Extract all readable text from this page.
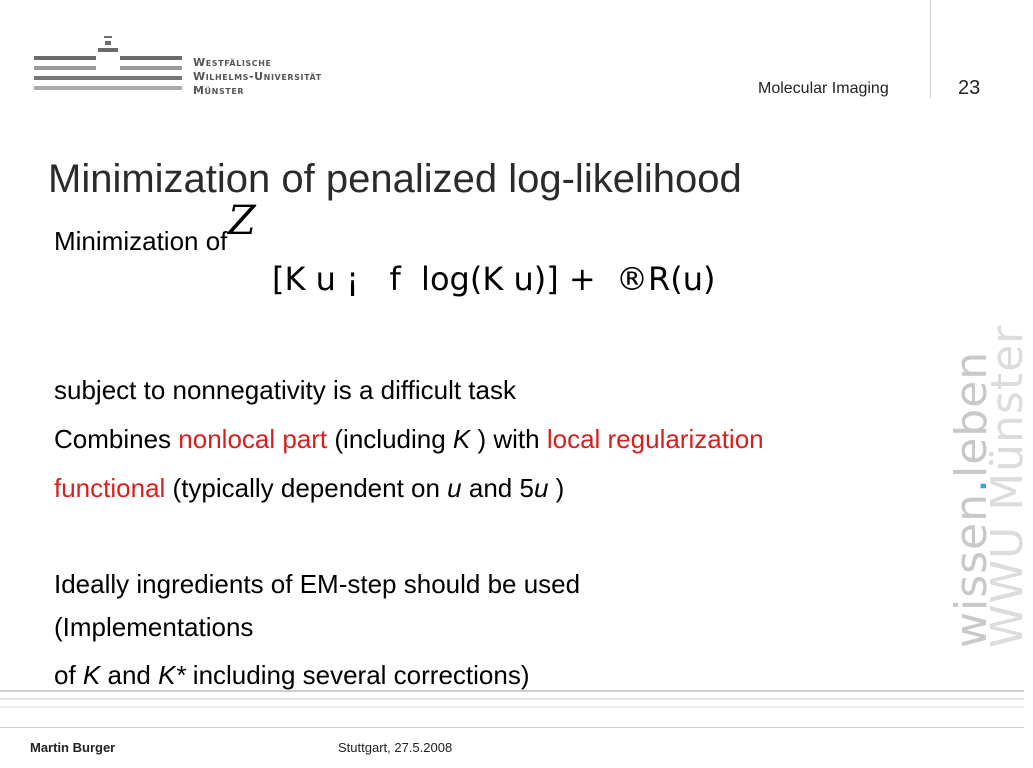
Westfälische
Wilhelms-Universität
Münster	Molecular Imaging	23
Minimization of penalized log-likelihood
Minimization of Z
[K u ¡   f  log(K u)] +  ®R(u)
subject to nonnegativity is a difficult task
Combines nonlocal part (including K ) with local regularization
functional (typically dependent on u and 5u )
Ideally ingredients of EM-step should be used
(Implementations
of K and K* including several corrections)
wissen.leben
WWU Münster
Martin Burger	Stuttgart, 27.5.2008
